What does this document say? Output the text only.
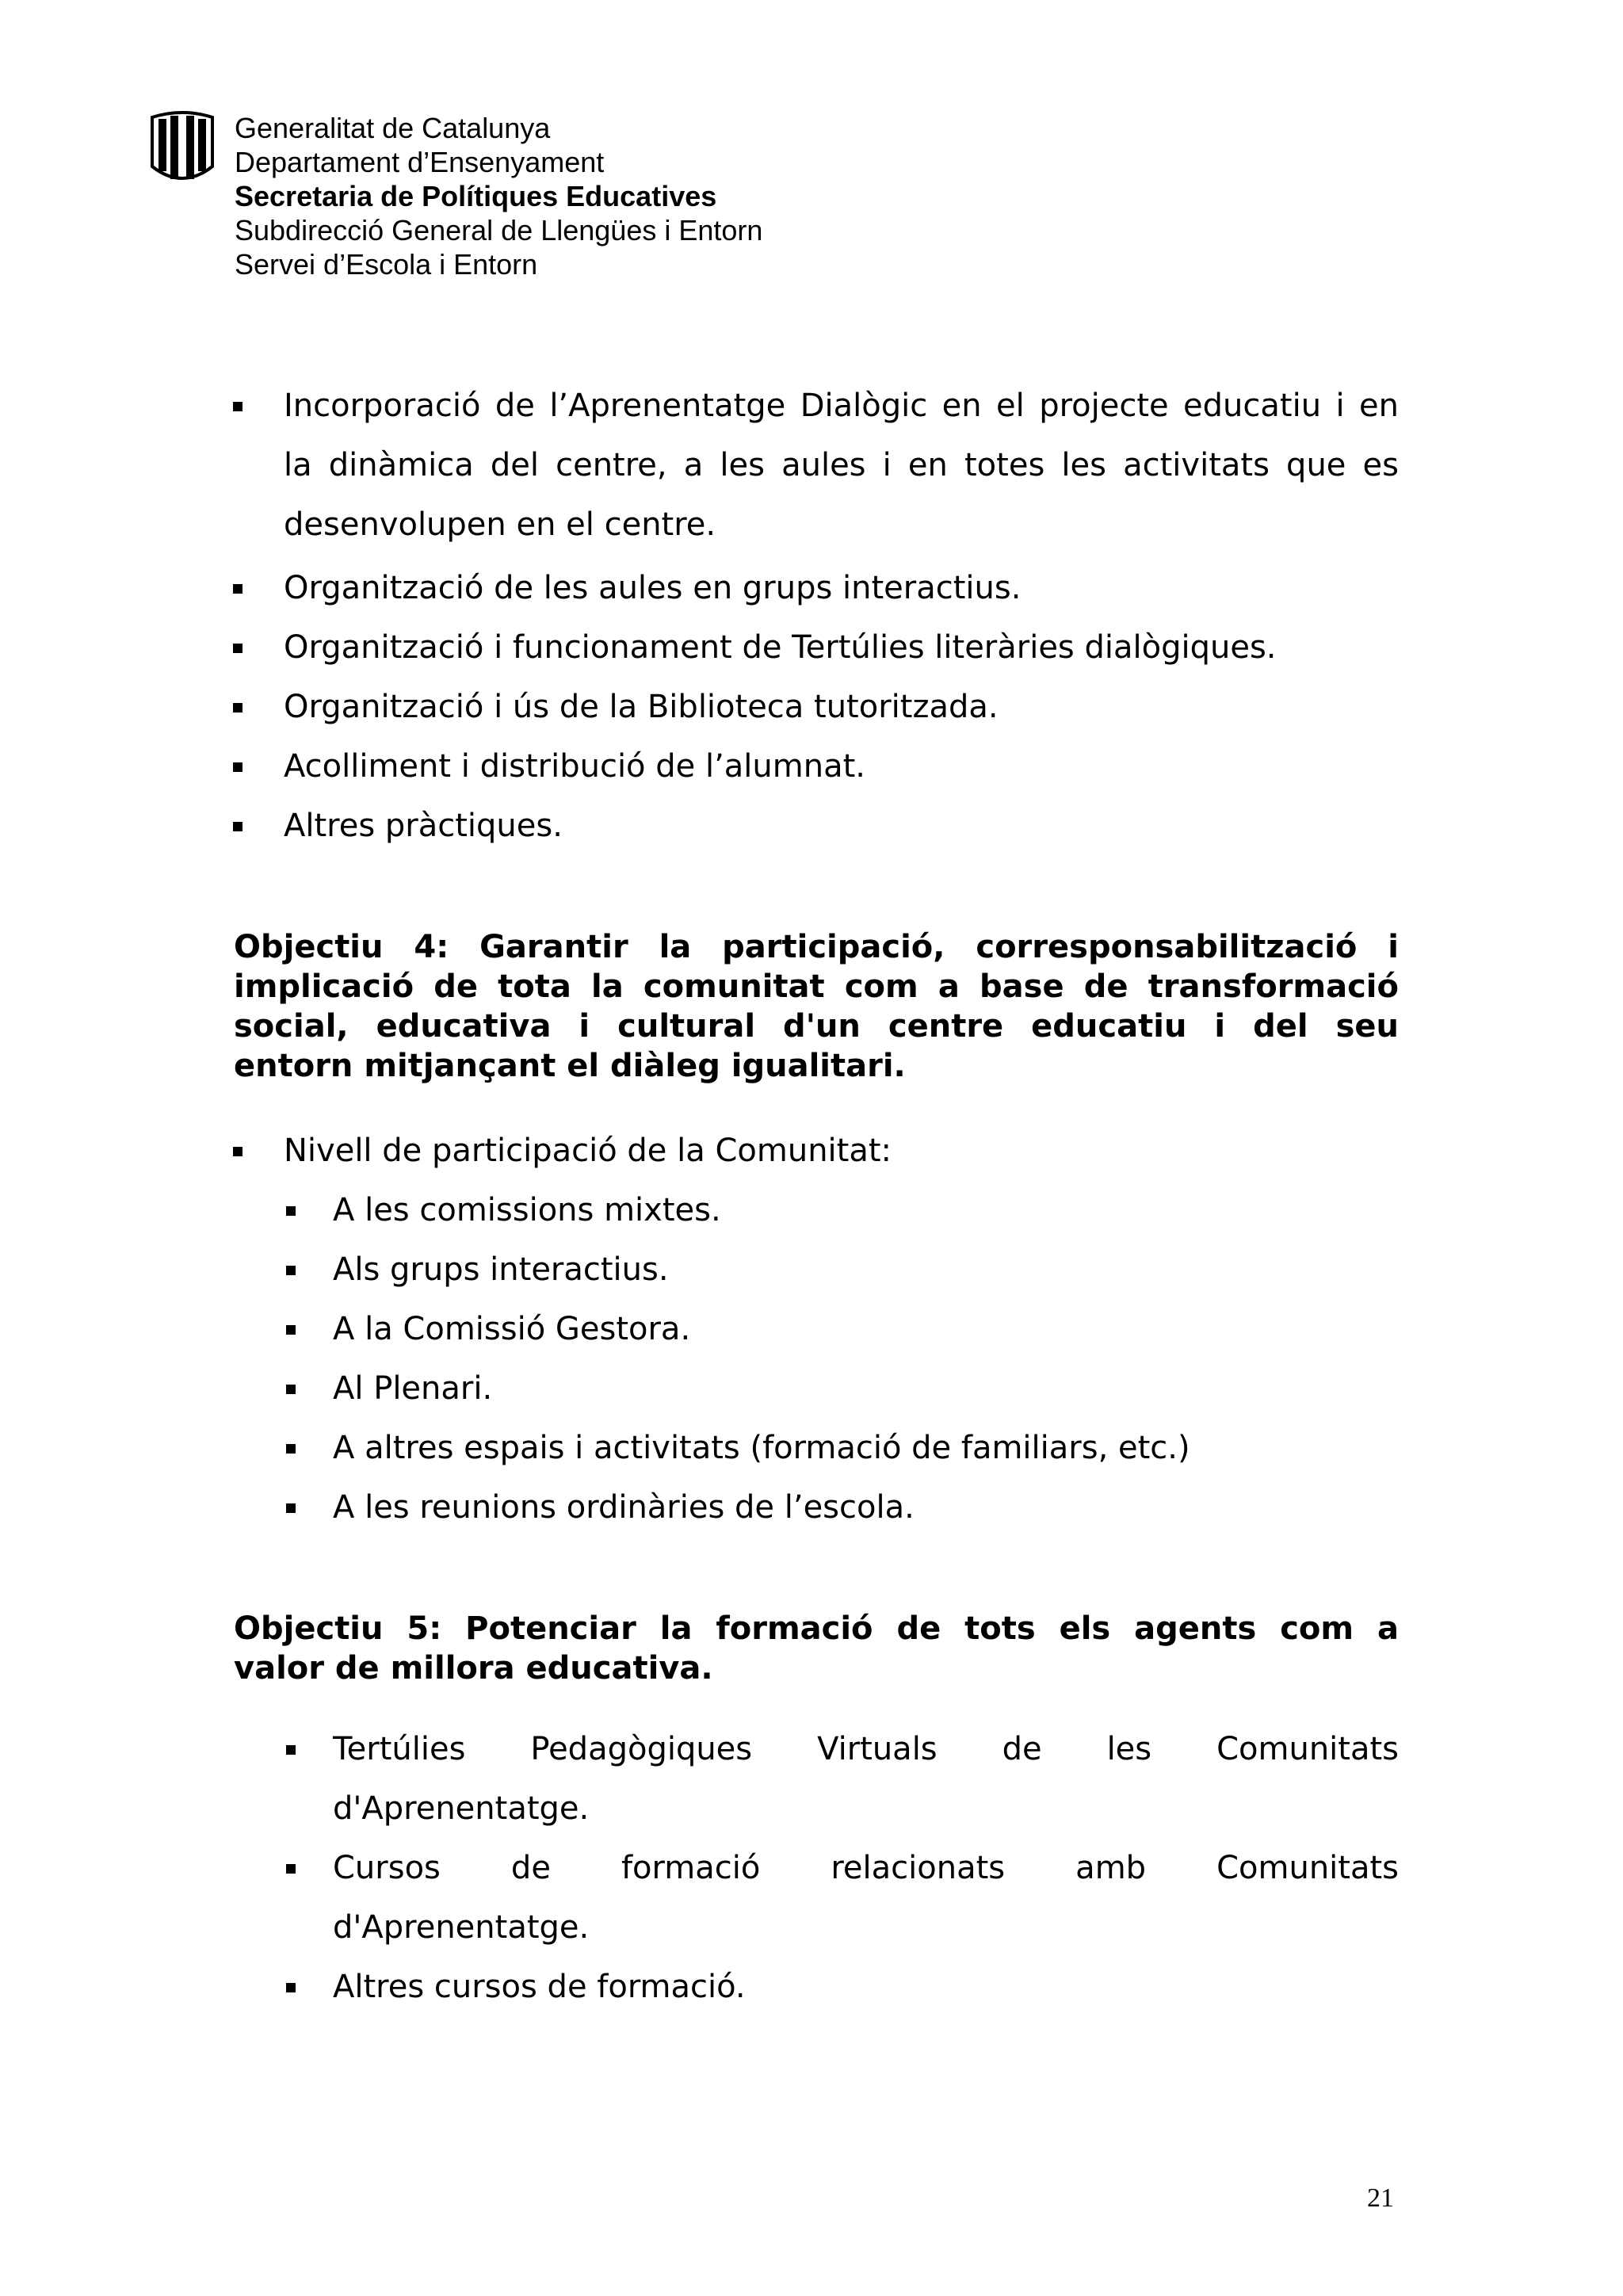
Generalitat de Catalunya
Departament d’Ensenyament
Secretaria de Polítiques Educatives
Subdirecció General de Llengües i Entorn
Servei d’Escola i Entorn
Incorporació de l’Aprenentatge Dialògic en el projecte educatiu i en
la dinàmica del centre, a les aules i en totes les activitats que es
desenvolupen en el centre.
Organització de les aules en grups interactius.
Organització i funcionament de Tertúlies literàries dialògiques.
Organització i ús de la Biblioteca tutoritzada.
Acolliment i distribució de l’alumnat.
Altres pràctiques.
Objectiu 4: Garantir la participació, corresponsabilització i
implicació de tota la comunitat com a base de transformació
social, educativa i cultural d'un centre educatiu i del seu
entorn mitjançant el diàleg igualitari.
Nivell de participació de la Comunitat:
A les comissions mixtes.
Als grups interactius.
A la Comissió Gestora.
Al Plenari.
A altres espais i activitats (formació de familiars, etc.)
A les reunions ordinàries de l’escola.
Objectiu 5: Potenciar la formació de tots els agents com a
valor de millora educativa.
Tertúlies Pedagògiques Virtuals de les Comunitats
d'Aprenentatge.
Cursos de formació relacionats amb Comunitats
d'Aprenentatge.
Altres cursos de formació.
21
